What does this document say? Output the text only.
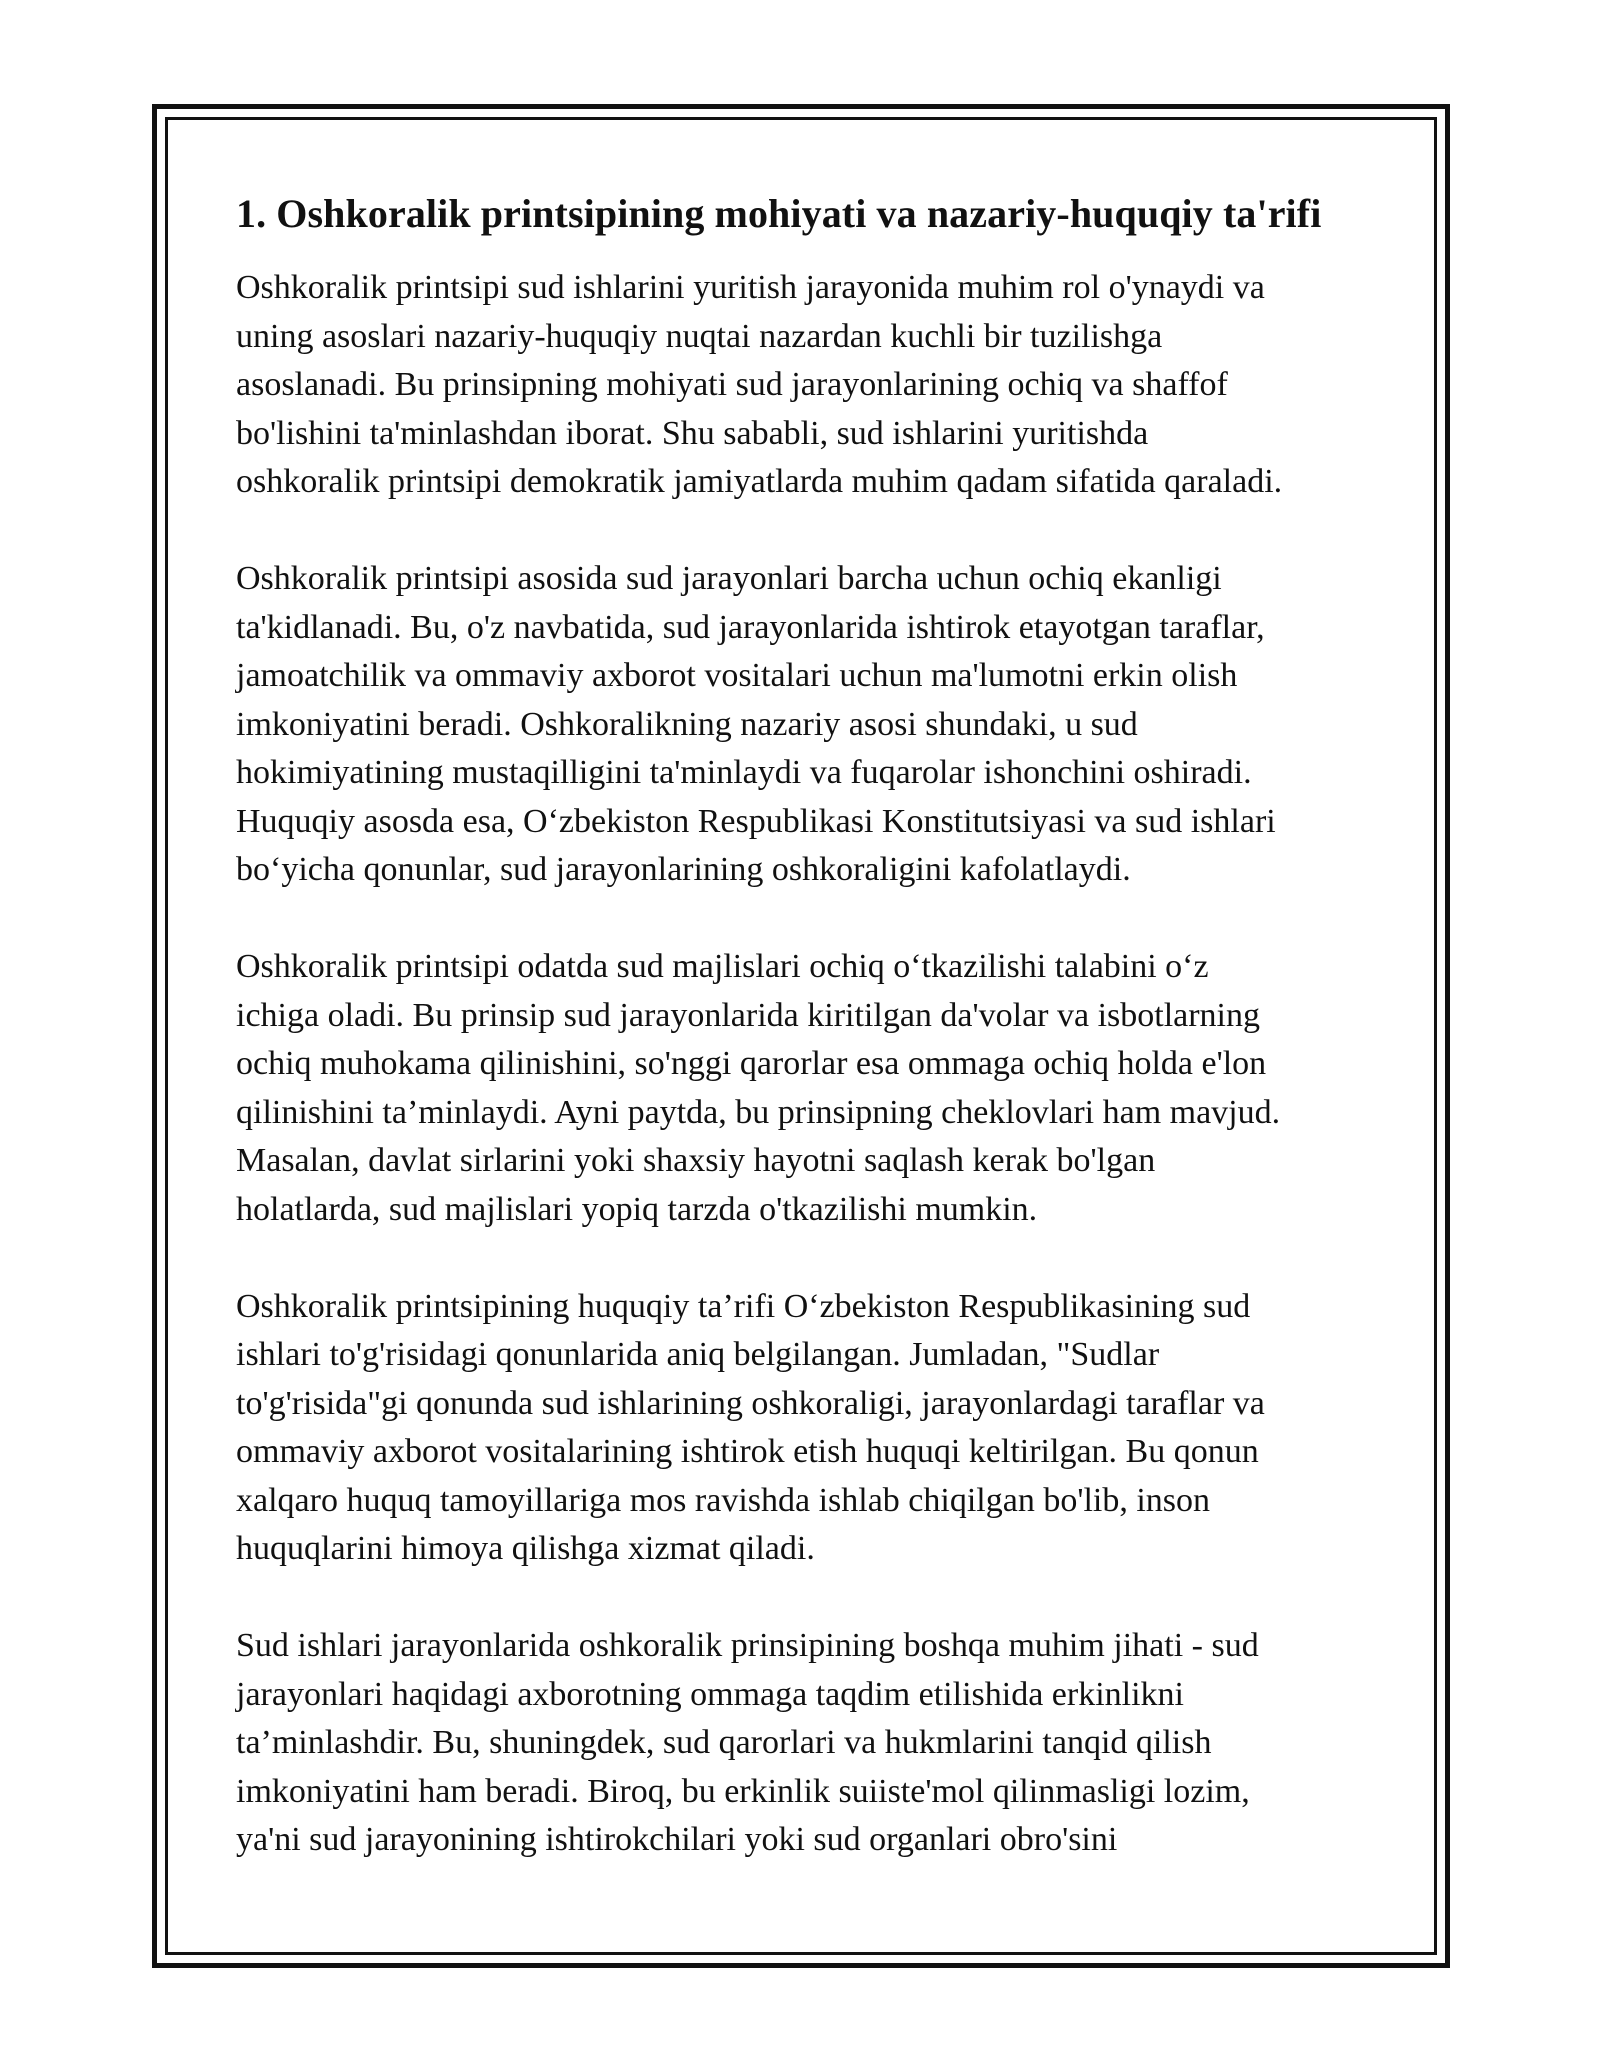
1. Oshkoralik printsipining mohiyati va nazariy-huquqiy ta'rifi
Oshkoralik printsipi sud ishlarini yuritish jarayonida muhim rol o'ynaydi va
uning asoslari nazariy-huquqiy nuqtai nazardan kuchli bir tuzilishga
asoslanadi. Bu prinsipning mohiyati sud jarayonlarining ochiq va shaffof
bo'lishini ta'minlashdan iborat. Shu sababli, sud ishlarini yuritishda
oshkoralik printsipi demokratik jamiyatlarda muhim qadam sifatida qaraladi.
Oshkoralik printsipi asosida sud jarayonlari barcha uchun ochiq ekanligi
ta'kidlanadi. Bu, o'z navbatida, sud jarayonlarida ishtirok etayotgan taraflar,
jamoatchilik va ommaviy axborot vositalari uchun ma'lumotni erkin olish
imkoniyatini beradi. Oshkoralikning nazariy asosi shundaki, u sud
hokimiyatining mustaqilligini ta'minlaydi va fuqarolar ishonchini oshiradi.
Huquqiy asosda esa, O‘zbekiston Respublikasi Konstitutsiyasi va sud ishlari
bo‘yicha qonunlar, sud jarayonlarining oshkoraligini kafolatlaydi.
Oshkoralik printsipi odatda sud majlislari ochiq o‘tkazilishi talabini o‘z
ichiga oladi. Bu prinsip sud jarayonlarida kiritilgan da'volar va isbotlarning
ochiq muhokama qilinishini, so'nggi qarorlar esa ommaga ochiq holda e'lon
qilinishini ta’minlaydi. Ayni paytda, bu prinsipning cheklovlari ham mavjud.
Masalan, davlat sirlarini yoki shaxsiy hayotni saqlash kerak bo'lgan
holatlarda, sud majlislari yopiq tarzda o'tkazilishi mumkin.
Oshkoralik printsipining huquqiy ta’rifi O‘zbekiston Respublikasining sud
ishlari to'g'risidagi qonunlarida aniq belgilangan. Jumladan, "Sudlar
to'g'risida"gi qonunda sud ishlarining oshkoraligi, jarayonlardagi taraflar va
ommaviy axborot vositalarining ishtirok etish huquqi keltirilgan. Bu qonun
xalqaro huquq tamoyillariga mos ravishda ishlab chiqilgan bo'lib, inson
huquqlarini himoya qilishga xizmat qiladi.
Sud ishlari jarayonlarida oshkoralik prinsipining boshqa muhim jihati - sud
jarayonlari haqidagi axborotning ommaga taqdim etilishida erkinlikni
ta’minlashdir. Bu, shuningdek, sud qarorlari va hukmlarini tanqid qilish
imkoniyatini ham beradi. Biroq, bu erkinlik suiiste'mol qilinmasligi lozim,
ya'ni sud jarayonining ishtirokchilari yoki sud organlari obro'sini
